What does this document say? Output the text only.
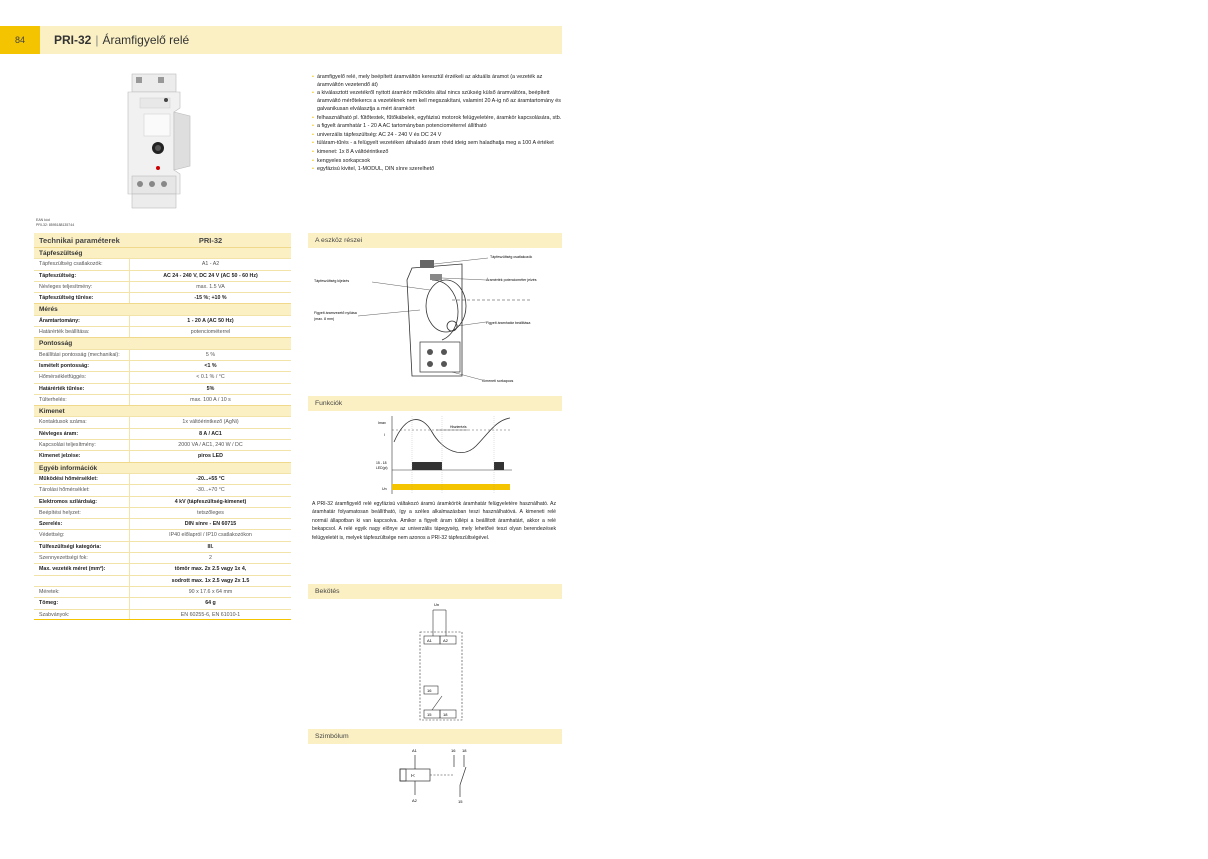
84	PRI-32 | Áramfigyelő relé
EAN kód
PRI-32: 8595188135744
Technikai paraméterek	PRI-32
Tápfeszültség
Tápfeszültség csatlakozók:	A1 - A2
Tápfeszültség:	AC 24 - 240 V, DC 24 V (AC 50 - 60 Hz)
Névleges teljesítmény:	max. 1.5 VA
Tápfeszültség tűrése:	-15 %; +10 %
Mérés
Áramtartomány:	1 - 20 A (AC 50 Hz)
Határérték beállítása:	potenciométerrel
Pontosság
Beállítási pontosság (mechanikai):	5 %
Ismételt pontosság:	<1 %
Hőmérsékletfüggés:	< 0.1 % / °C
Határérték tűrése:	5%
Túlterhelés:	max. 100 A / 10 s
Kimenet
Kontaktusok száma:	1x váltóérintkező (AgNi)
Névleges áram:	8 A / AC1
Kapcsolási teljesítmény:	2000 VA / AC1, 240 W / DC
Kimenet jelzése:	piros LED
Egyéb információk
Működési hőmérséklet:	-20...+55 °C
Tárolási hőmérséklet:	-30...+70 °C
Elektromos szilárdság:	4 kV (tápfeszültség-kimenet)
Beépítési helyzet:	tetszőleges
Szerelés:	DIN sínre - EN 60715
Védettség:	IP40 előlapról / IP10 csatlakozókon
Túlfeszültségi kategória:	III.
Szennyezettségi fok:	2
Max. vezeték méret (mm²):	tömör max. 2x 2.5 vagy 1x 4,
sodrott max. 1x 2.5 vagy 2x 1.5
Méretek:	90 x 17.6 x 64 mm
Tömeg:	64 g
Szabványok:	EN 60255-6, EN 61010-1
• áramfigyelő relé, mely beépített áramváltón keresztül érzékeli az aktuális áramot (a vezeték az áramváltón vezetendő át)
• a kiválasztott vezetékről nyitott áramkör működés által nincs szükség külső áramváltóra, beépített áramváltó mérőtekercs a vezetéknek nem kell megszakítani, valamint 20 A-ig nő az áramtartomány és galvanikusan elválasztja a mért áramkört
• felhasználható pl. fűtőtestek, fűtőkábelek, egyfázisú motorok felügyeletére, áramkör kapcsolására, stb.
• a figyelt áramhatár 1 - 20 A AC tartományban potenciométerrel állítható
• univerzális tápfeszültség: AC 24 - 240 V és DC 24 V
• túláram-tűrés - a felügyelt vezetéken áthaladó áram rövid ideig sem haladhatja meg a 100 A értéket
• kimenet: 1x 8 A váltóérintkező
• kengyeles sorkapcsok
• egyfázisú kivitel, 1-MODUL, DIN sínre szerelhető
A eszköz részei
Tápfeszültség csatlakozók
Áramérték potenciométer jelzés
Tápfeszültség kijelzés
Figyelt áramvezető nyílása
(max. 8 mm)
Figyelt áramhatár beállítása
Kimeneti sorkapocs
Funkciók
Imax
I
Hiszterézis
15 - 18
LED(pi)
Un
A PRI-32 áramfigyelő relé egyfázisú váltakozó áramú áramkörök áramhatár felügyeletére használható. Az áramhatár folyamatosan beállítható, így a széles alkalmazásban teszi használhatóvá. A kimeneti relé normál állapotban ki van kapcsolva. Amikor a figyelt áram túllépi a beállított áramhatárt, akkor a relé bekapcsol. A relé egyik nagy előnye az univerzális tápegység, mely lehetővé teszi olyan berendezések felügyeletét is, melyek tápfeszültsége nem azonos a PRI-32 tápfeszültségével.
Bekötés
Un
A1	A2
16
15	18
Szimbólum
A1
A2
16 18
15
I<
